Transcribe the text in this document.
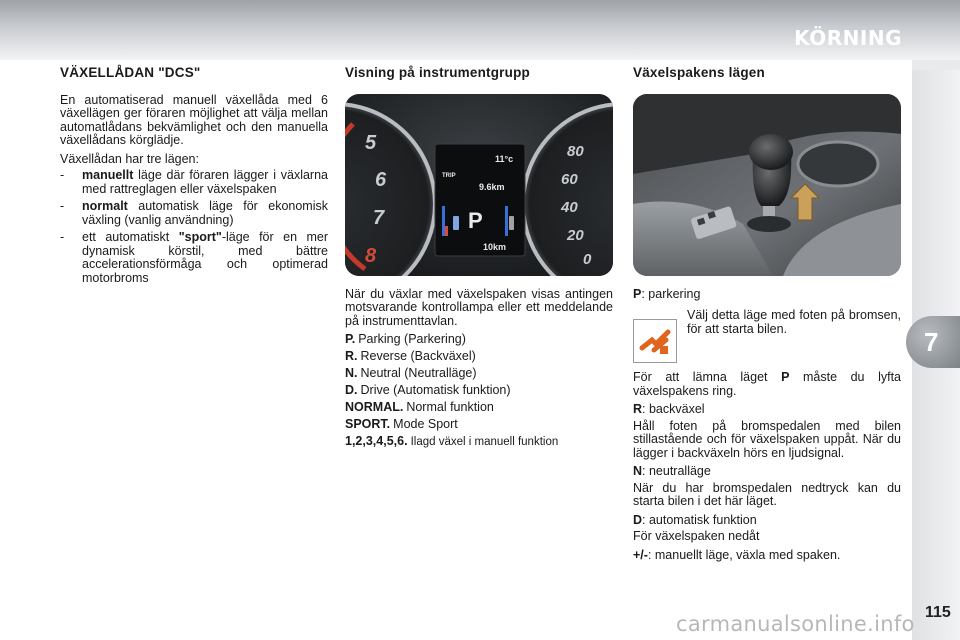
KÖRNING
7
VÄXELLÅDAN "DCS"

En automatiserad manuell växellåda med 6 växellägen ger föraren möjlighet att välja mellan automatlådans bekvämlighet och den manuella växellådans körglädje.

Växellådan har tre lägen:

-	manuellt läge där föraren lägger i växlarna med rattreglagen eller växelspaken
-	normalt automatisk läge för ekonomisk växling (vanlig användning)
-	ett automatiskt "sport"-läge för en mer dynamisk körstil, med bättre accelerationsförmåga och optimerad motorbroms
Visning på instrumentgrupp
8
7
6
5
0
20
40
60
80
TRIP
11°c
9.6km
P
10km

När du växlar med växelspaken visas antingen motsvarande kontrollampa eller ett meddelande på instrumenttavlan.

P. Parking (Parkering)
R. Reverse (Backväxel)
N. Neutral (Neutralläge)
D. Drive (Automatisk funktion)
NORMAL. Normal funktion
SPORT. Mode Sport
1,2,3,4,5,6. Ilagd växel i manuell funktion
Växelspakens lägen

P: parkering

Välj detta läge med foten på bromsen, för att starta bilen.

För att lämna läget P måste du lyfta växelspakens ring.

R: backväxel

Håll foten på bromspedalen med bilen stillastående och för växelspaken uppåt. När du lägger i backväxeln hörs en ljudsignal.

N: neutralläge

När du har bromspedalen nedtryck kan du starta bilen i det här läget.

D: automatisk funktion

För växelspaken nedåt

+/-: manuellt läge, växla med spaken.

115
carmanualsonline.info
